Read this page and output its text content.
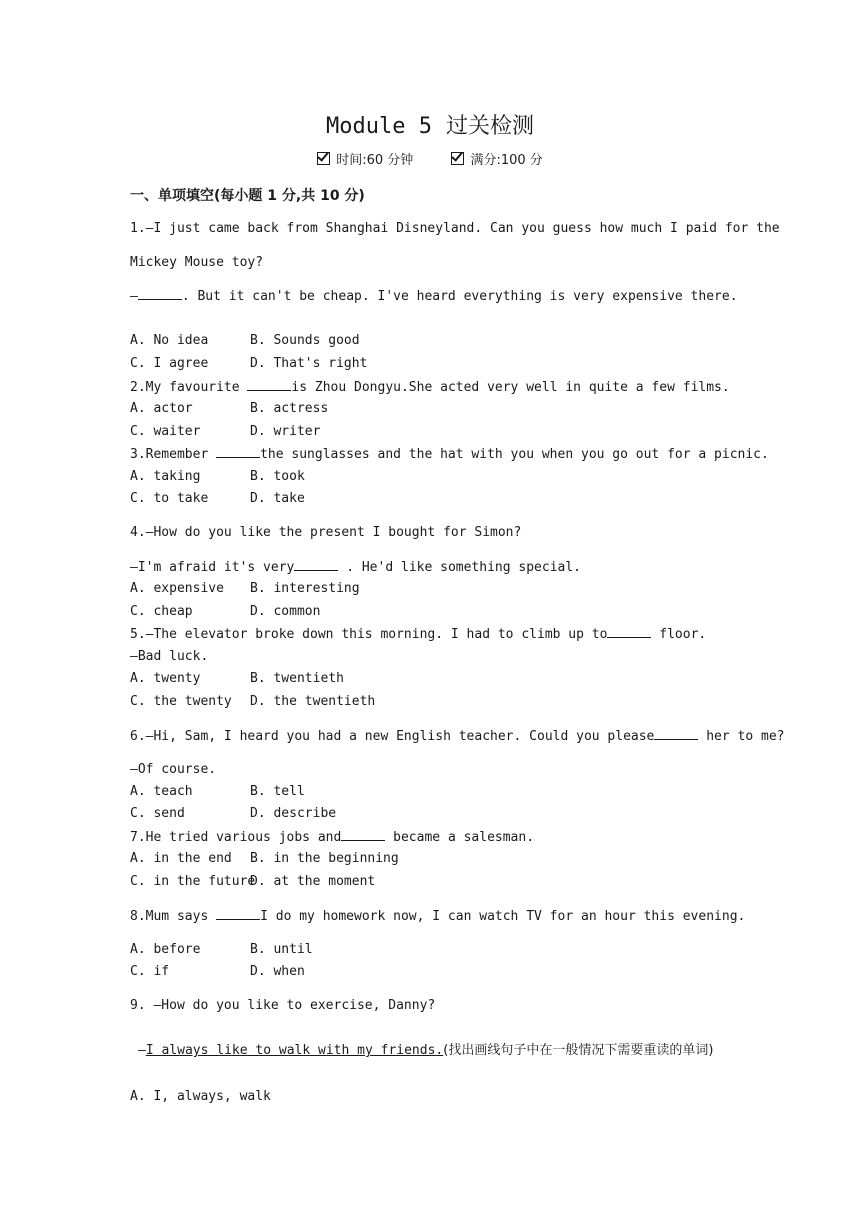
Module 5 过关检测
时间:60 分钟	满分:100 分
一、单项填空(每小题 1 分,共 10 分)
1.—I just came back from Shanghai Disneyland. Can you guess how much I paid for the
Mickey Mouse toy?
—	. But it can't be cheap. I've heard everything is very expensive there.
A. No idea	B. Sounds good
C. I agree	D. That's right
2.My favourite	is Zhou Dongyu.She acted very well in quite a few films.
A. actor	B. actress
C. waiter	D. writer
3.Remember	the sunglasses and the hat with you when you go out for a picnic.
A. taking	B. took
C. to take	D. take
4.—How do you like the present I bought for Simon?
—I'm afraid it's very	. He'd like something special.
A. expensive B. interesting
C. cheap	D. common
5.—The elevator broke down this morning. I had to climb up to	floor.
—Bad luck.
A. twenty	B. twentieth
C. the twenty D. the twentieth
6.—Hi, Sam, I heard you had a new English teacher. Could you please	her to me?
—Of course.
A. teach	B. tell
C. send	D. describe
7.He tried various jobs and	became a salesman.
A. in the end B. in the beginning
C. in the future
D. at the moment
8.Mum says	I do my homework now, I can watch TV for an hour this evening.
A. before	B. until
C. if	D. when
9. —How do you like to exercise, Danny?
—I always like to walk with my friends.(找出画线句子中在一般情况下需要重读的单词)
A. I, always, walk
